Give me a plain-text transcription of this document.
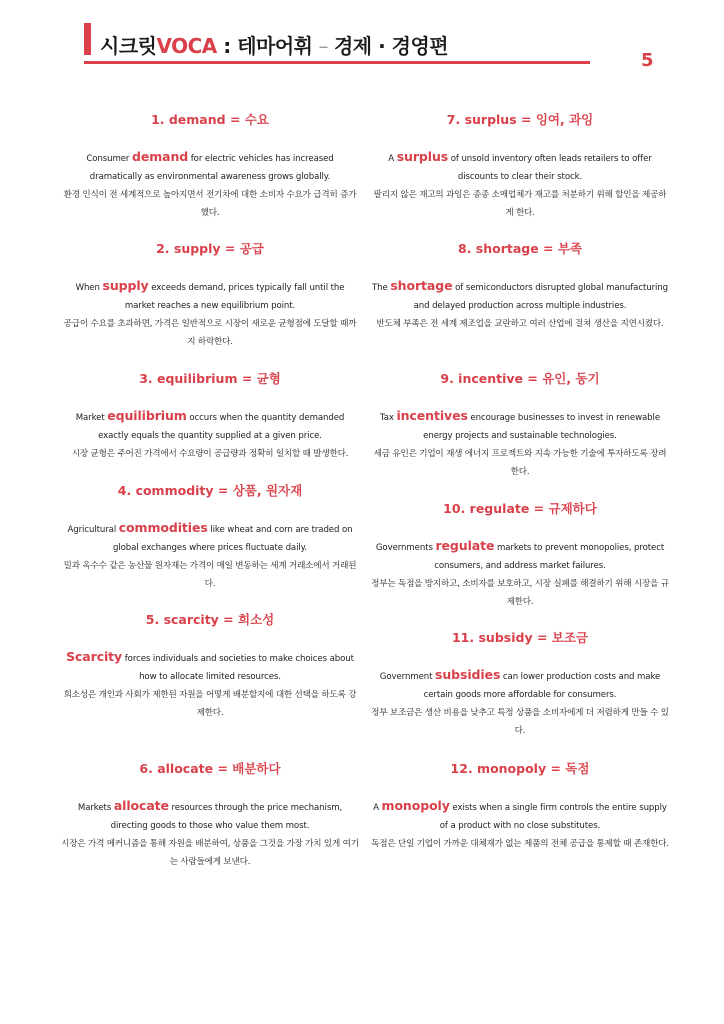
시크릿VOCA : 테마어휘 – 경제 · 경영편
5
1. demand = 수요
Consumer demand for electric vehicles has increased dramatically as environmental awareness grows globally.
환경 인식이 전 세계적으로 높아지면서 전기차에 대한 소비자 수요가 급격히 증가했다.
2. supply = 공급
When supply exceeds demand, prices typically fall until the market reaches a new equilibrium point.
공급이 수요를 초과하면, 가격은 일반적으로 시장이 새로운 균형점에 도달할 때까지 하락한다.
3. equilibrium = 균형
Market equilibrium occurs when the quantity demanded exactly equals the quantity supplied at a given price.
시장 균형은 주어진 가격에서 수요량이 공급량과 정확히 일치할 때 발생한다.
4. commodity = 상품, 원자재
Agricultural commodities like wheat and corn are traded on global exchanges where prices fluctuate daily.
밀과 옥수수 같은 농산물 원자재는 가격이 매일 변동하는 세계 거래소에서 거래된다.
5. scarcity = 희소성
Scarcity forces individuals and societies to make choices about how to allocate limited resources.
희소성은 개인과 사회가 제한된 자원을 어떻게 배분할지에 대한 선택을 하도록 강제한다.
6. allocate = 배분하다
Markets allocate resources through the price mechanism, directing goods to those who value them most.
시장은 가격 메커니즘을 통해 자원을 배분하여, 상품을 그것을 가장 가치 있게 여기는 사람들에게 보낸다.
7. surplus = 잉여, 과잉
A surplus of unsold inventory often leads retailers to offer discounts to clear their stock.
팔리지 않은 재고의 과잉은 종종 소매업체가 재고를 처분하기 위해 할인을 제공하게 한다.
8. shortage = 부족
The shortage of semiconductors disrupted global manufacturing and delayed production across multiple industries.
반도체 부족은 전 세계 제조업을 교란하고 여러 산업에 걸쳐 생산을 지연시켰다.
9. incentive = 유인, 동기
Tax incentives encourage businesses to invest in renewable energy projects and sustainable technologies.
세금 유인은 기업이 재생 에너지 프로젝트와 지속 가능한 기술에 투자하도록 장려한다.
10. regulate = 규제하다
Governments regulate markets to prevent monopolies, protect consumers, and address market failures.
정부는 독점을 방지하고, 소비자를 보호하고, 시장 실패를 해결하기 위해 시장을 규제한다.
11. subsidy = 보조금
Government subsidies can lower production costs and make certain goods more affordable for consumers.
정부 보조금은 생산 비용을 낮추고 특정 상품을 소비자에게 더 저렴하게 만들 수 있다.
12. monopoly = 독점
A monopoly exists when a single firm controls the entire supply of a product with no close substitutes.
독점은 단일 기업이 가까운 대체재가 없는 제품의 전체 공급을 통제할 때 존재한다.
